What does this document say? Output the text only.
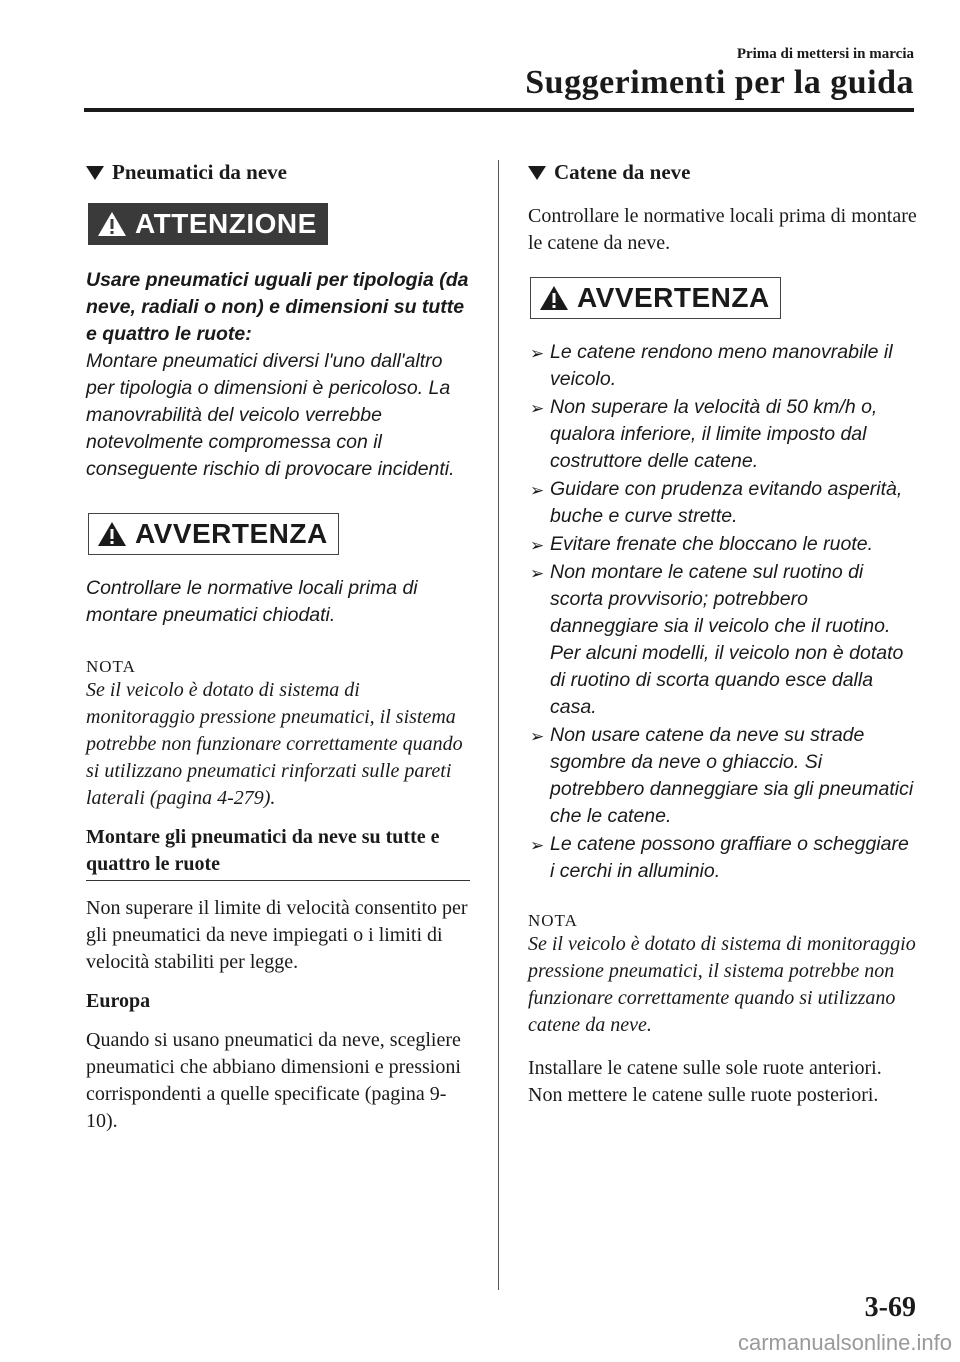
Prima di mettersi in marcia
Suggerimenti per la guida
Pneumatici da neve
ATTENZIONE
Usare pneumatici uguali per tipologia (da neve, radiali o non) e dimensioni su tutte e quattro le ruote:
Montare pneumatici diversi l'uno dall'altro per tipologia o dimensioni è pericoloso. La manovrabilità del veicolo verrebbe notevolmente compromessa con il conseguente rischio di provocare incidenti.
AVVERTENZA
Controllare le normative locali prima di montare pneumatici chiodati.
NOTA
Se il veicolo è dotato di sistema di monitoraggio pressione pneumatici, il sistema potrebbe non funzionare correttamente quando si utilizzano pneumatici rinforzati sulle pareti laterali (pagina 4-279).
Montare gli pneumatici da neve su tutte e quattro le ruote
Non superare il limite di velocità consentito per gli pneumatici da neve impiegati o i limiti di velocità stabiliti per legge.
Europa
Quando si usano pneumatici da neve, scegliere pneumatici che abbiano dimensioni e pressioni corrispondenti a quelle specificate (pagina 9-10).
Catene da neve
Controllare le normative locali prima di montare le catene da neve.
AVVERTENZA
➢ Le catene rendono meno manovrabile il veicolo.
➢ Non superare la velocità di 50 km/h o, qualora inferiore, il limite imposto dal costruttore delle catene.
➢ Guidare con prudenza evitando asperità, buche e curve strette.
➢ Evitare frenate che bloccano le ruote.
➢ Non montare le catene sul ruotino di scorta provvisorio; potrebbero danneggiare sia il veicolo che il ruotino. Per alcuni modelli, il veicolo non è dotato di ruotino di scorta quando esce dalla casa.
➢ Non usare catene da neve su strade sgombre da neve o ghiaccio. Si potrebbero danneggiare sia gli pneumatici che le catene.
➢ Le catene possono graffiare o scheggiare i cerchi in alluminio.
NOTA
Se il veicolo è dotato di sistema di monitoraggio pressione pneumatici, il sistema potrebbe non funzionare correttamente quando si utilizzano catene da neve.
Installare le catene sulle sole ruote anteriori.
Non mettere le catene sulle ruote posteriori.
3-69
carmanualsonline.info
